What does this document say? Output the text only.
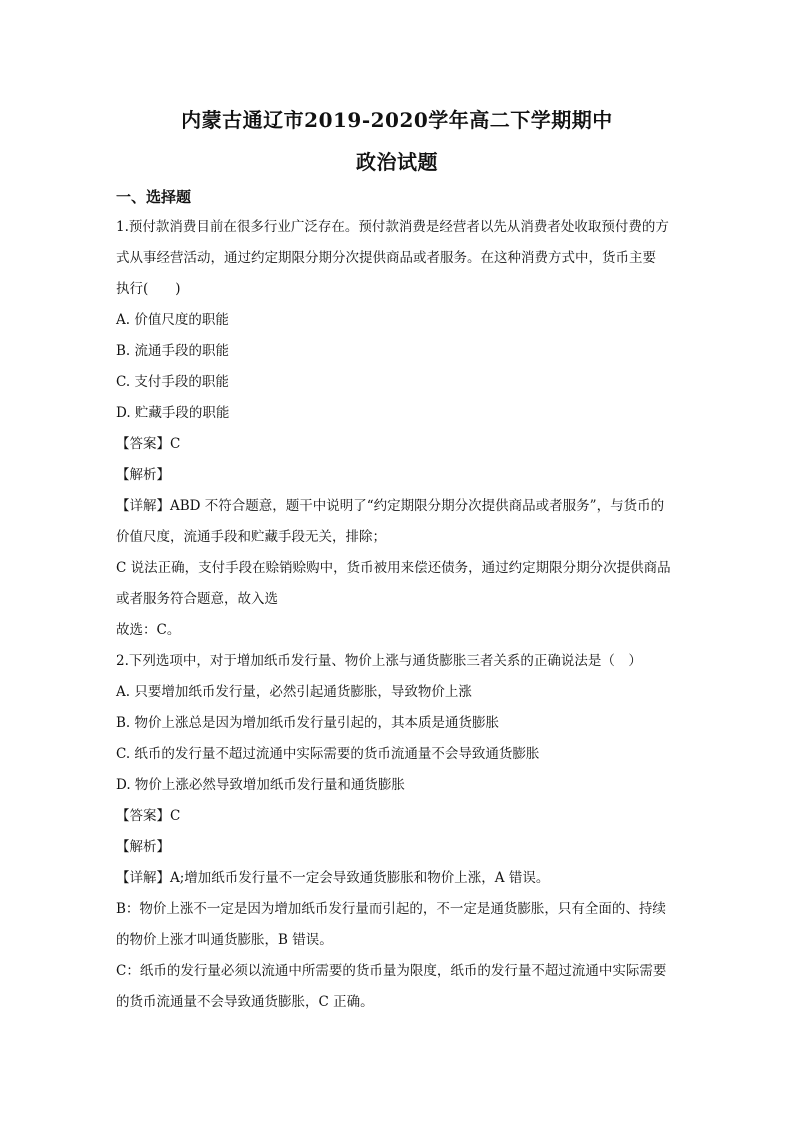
内蒙古通辽市2019-2020学年高二下学期期中
政治试题
一、选择题
1.预付款消费目前在很多行业广泛存在。预付款消费是经营者以先从消费者处收取预付费的方
式从事经营活动，通过约定期限分期分次提供商品或者服务。在这种消费方式中，货币主要
执行(　　)
A. 价值尺度的职能
B. 流通手段的职能
C. 支付手段的职能
D. 贮藏手段的职能
【答案】C
【解析】
【详解】ABD 不符合题意，题干中说明了“约定期限分期分次提供商品或者服务”，与货币的
价值尺度，流通手段和贮藏手段无关，排除；
C 说法正确，支付手段在赊销赊购中，货币被用来偿还债务，通过约定期限分期分次提供商品
或者服务符合题意，故入选
故选：C。
2.下列选项中，对于增加纸币发行量、物价上涨与通货膨胀三者关系的正确说法是（　）
A. 只要增加纸币发行量，必然引起通货膨胀，导致物价上涨
B. 物价上涨总是因为增加纸币发行量引起的，其本质是通货膨胀
C. 纸币的发行量不超过流通中实际需要的货币流通量不会导致通货膨胀
D. 物价上涨必然导致增加纸币发行量和通货膨胀
【答案】C
【解析】
【详解】A;增加纸币发行量不一定会导致通货膨胀和物价上涨，A 错误。
B：物价上涨不一定是因为增加纸币发行量而引起的，不一定是通货膨胀，只有全面的、持续
的物价上涨才叫通货膨胀，B 错误。
C：纸币的发行量必须以流通中所需要的货币量为限度，纸币的发行量不超过流通中实际需要
的货币流通量不会导致通货膨胀，C 正确。
